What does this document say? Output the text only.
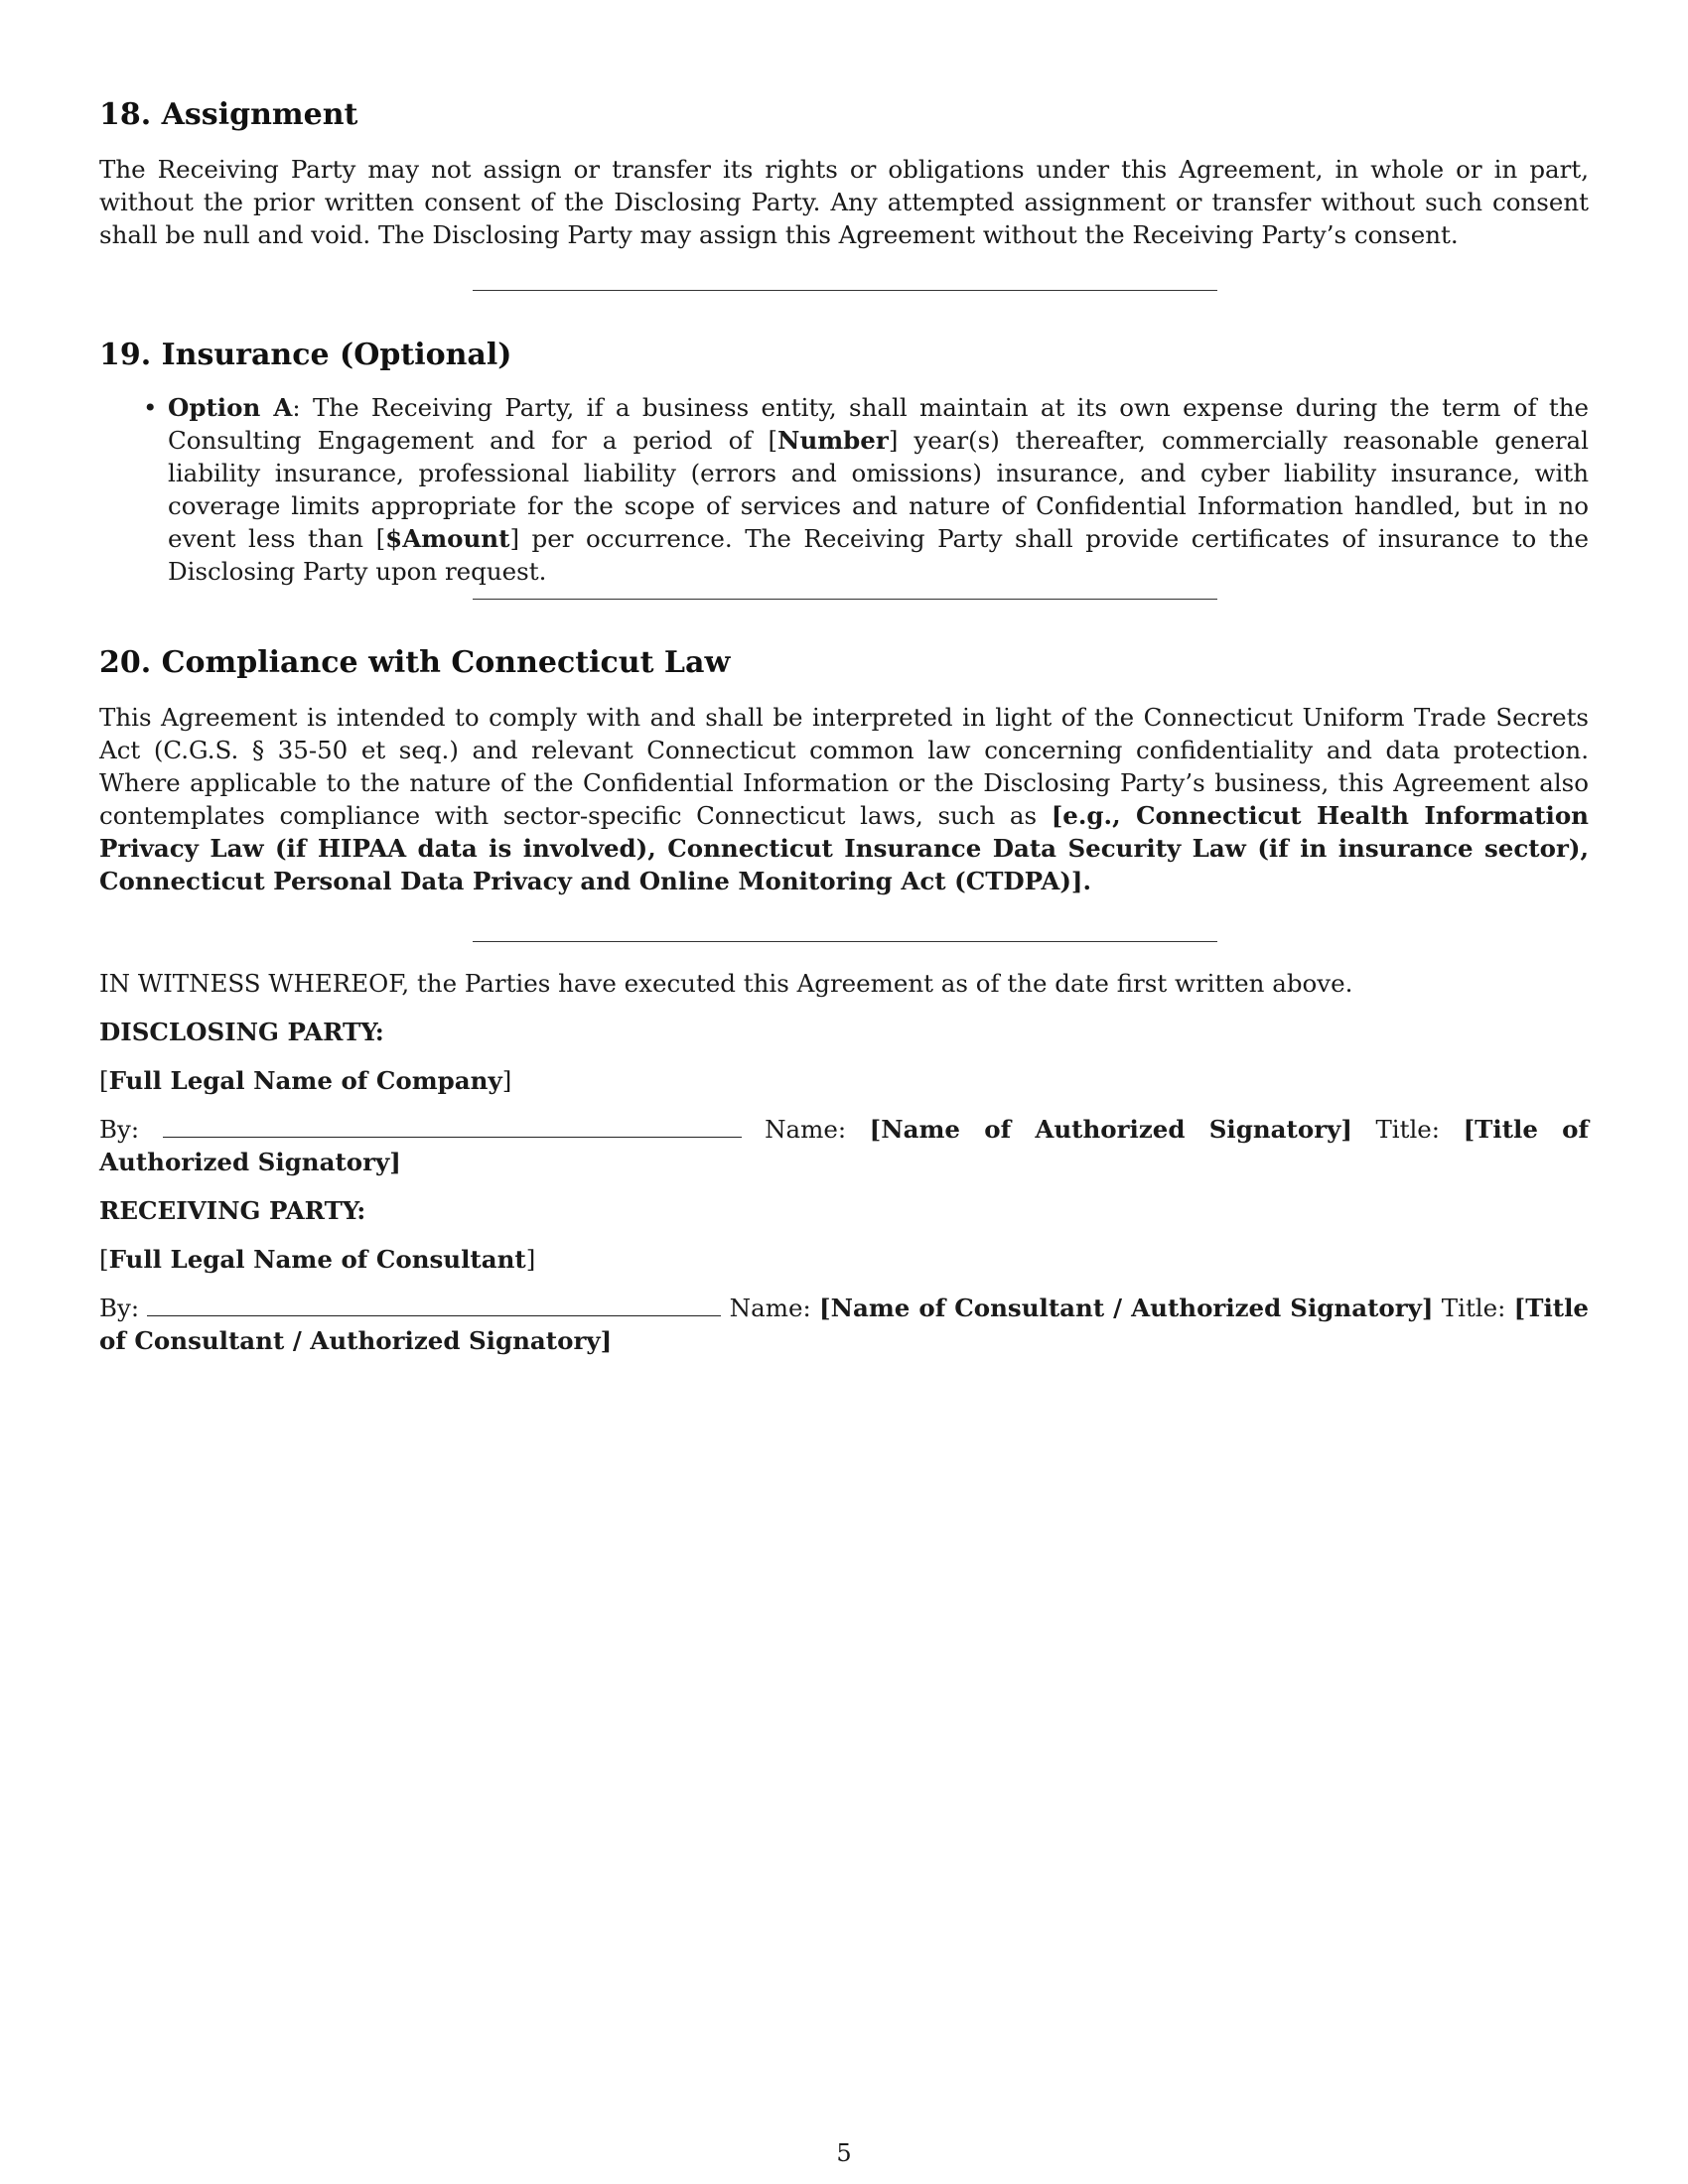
18. Assignment

The Receiving Party may not assign or transfer its rights or obligations under this Agreement, in whole or in part, without the prior written consent of the Disclosing Party. Any attempted assignment or transfer without such consent shall be null and void. The Disclosing Party may assign this Agreement without the Receiving Party’s consent.

19. Insurance (Optional)
• Option A: The Receiving Party, if a business entity, shall maintain at its own expense during the term of the Consulting Engagement and for a period of [Number] year(s) thereafter, commercially reasonable general liability insurance, professional liability (errors and omissions) insurance, and cyber liability insurance, with coverage limits appropriate for the scope of services and nature of Confidential Information handled, but in no event less than [$Amount] per occurrence. The Receiving Party shall provide certificates of insurance to the Disclosing Party upon request.
20. Compliance with Connecticut Law

This Agreement is intended to comply with and shall be interpreted in light of the Connecticut Uniform Trade Secrets Act (C.G.S. § 35-50 et seq.) and relevant Connecticut common law concerning confidentiality and data protection. Where applicable to the nature of the Confidential Information or the Disclosing Party’s business, this Agreement also contemplates compliance with sector-specific Connecticut laws, such as [e.g., Connecticut Health Information Privacy Law (if HIPAA data is involved), Connecticut Insurance Data Security Law (if in insurance sector), Connecticut Personal Data Privacy and Online Monitoring Act (CTDPA)].

IN WITNESS WHEREOF, the Parties have executed this Agreement as of the date first written above.

DISCLOSING PARTY:

[Full Legal Name of Company]

By:	Name: [Name of Authorized Signatory] Title: [Title of Authorized Signatory]

RECEIVING PARTY:

[Full Legal Name of Consultant]

By:	Name: [Name of Consultant / Authorized Signatory] Title: [Title of Consultant / Authorized Signatory]

5
